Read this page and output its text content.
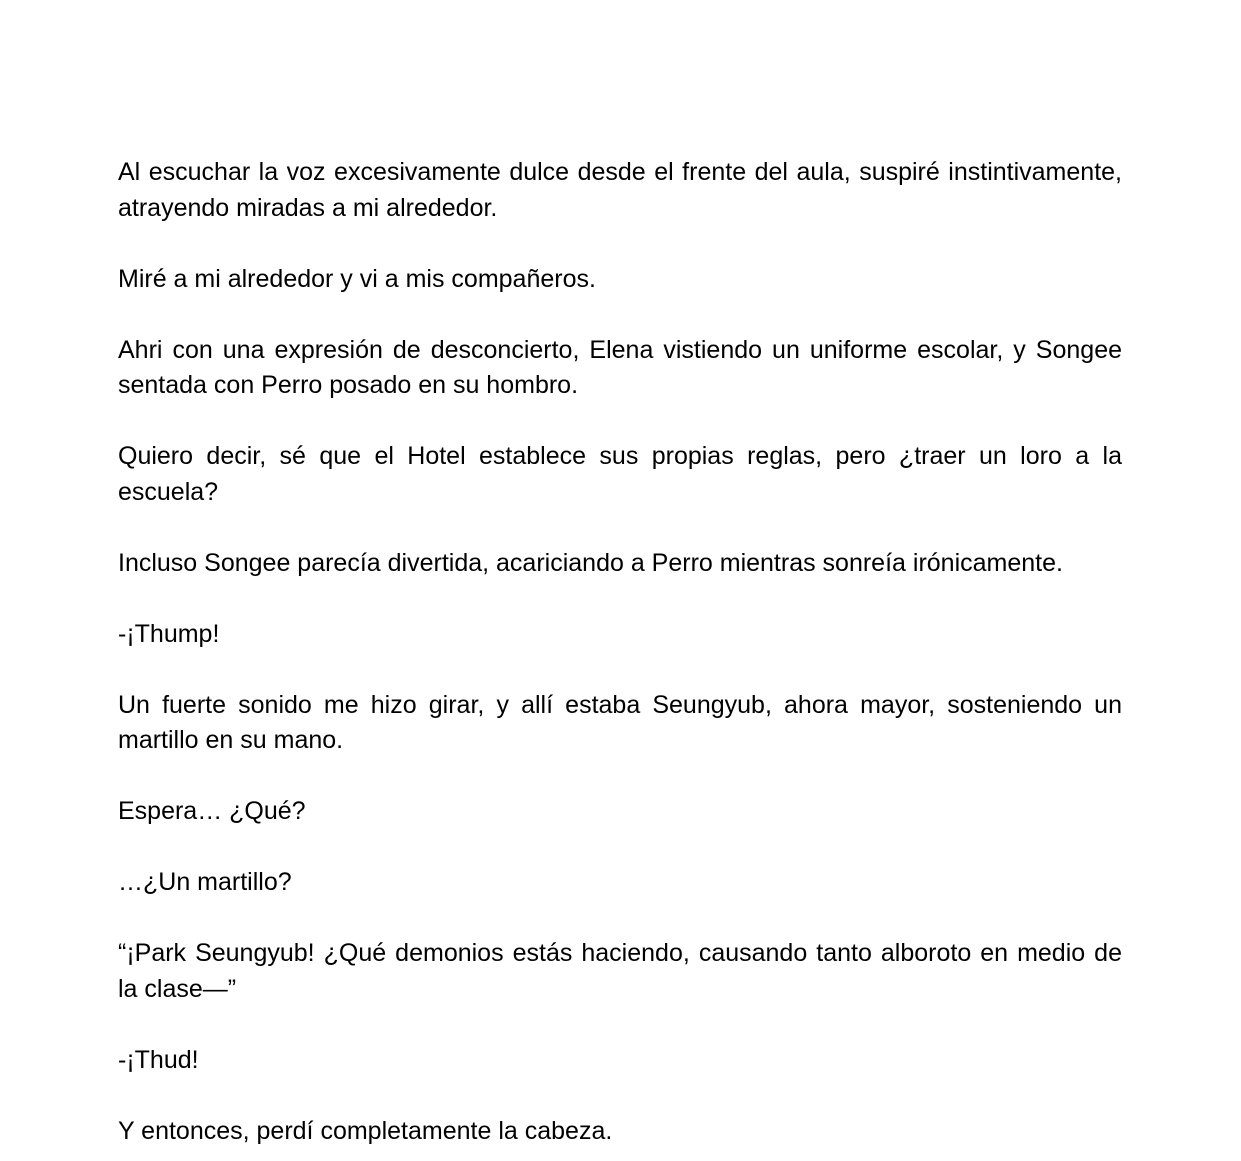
Al escuchar la voz excesivamente dulce desde el frente del aula, suspiré instintivamente, atrayendo miradas a mi alrededor.

Miré a mi alrededor y vi a mis compañeros.

Ahri con una expresión de desconcierto, Elena vistiendo un uniforme escolar, y Songee sentada con Perro posado en su hombro.

Quiero decir, sé que el Hotel establece sus propias reglas, pero ¿traer un loro a la escuela?

Incluso Songee parecía divertida, acariciando a Perro mientras sonreía irónicamente.

-¡Thump!

Un fuerte sonido me hizo girar, y allí estaba Seungyub, ahora mayor, sosteniendo un martillo en su mano.

Espera… ¿Qué?

…¿Un martillo?

“¡Park Seungyub! ¿Qué demonios estás haciendo, causando tanto alboroto en medio de la clase—”

-¡Thud!

Y entonces, perdí completamente la cabeza.
